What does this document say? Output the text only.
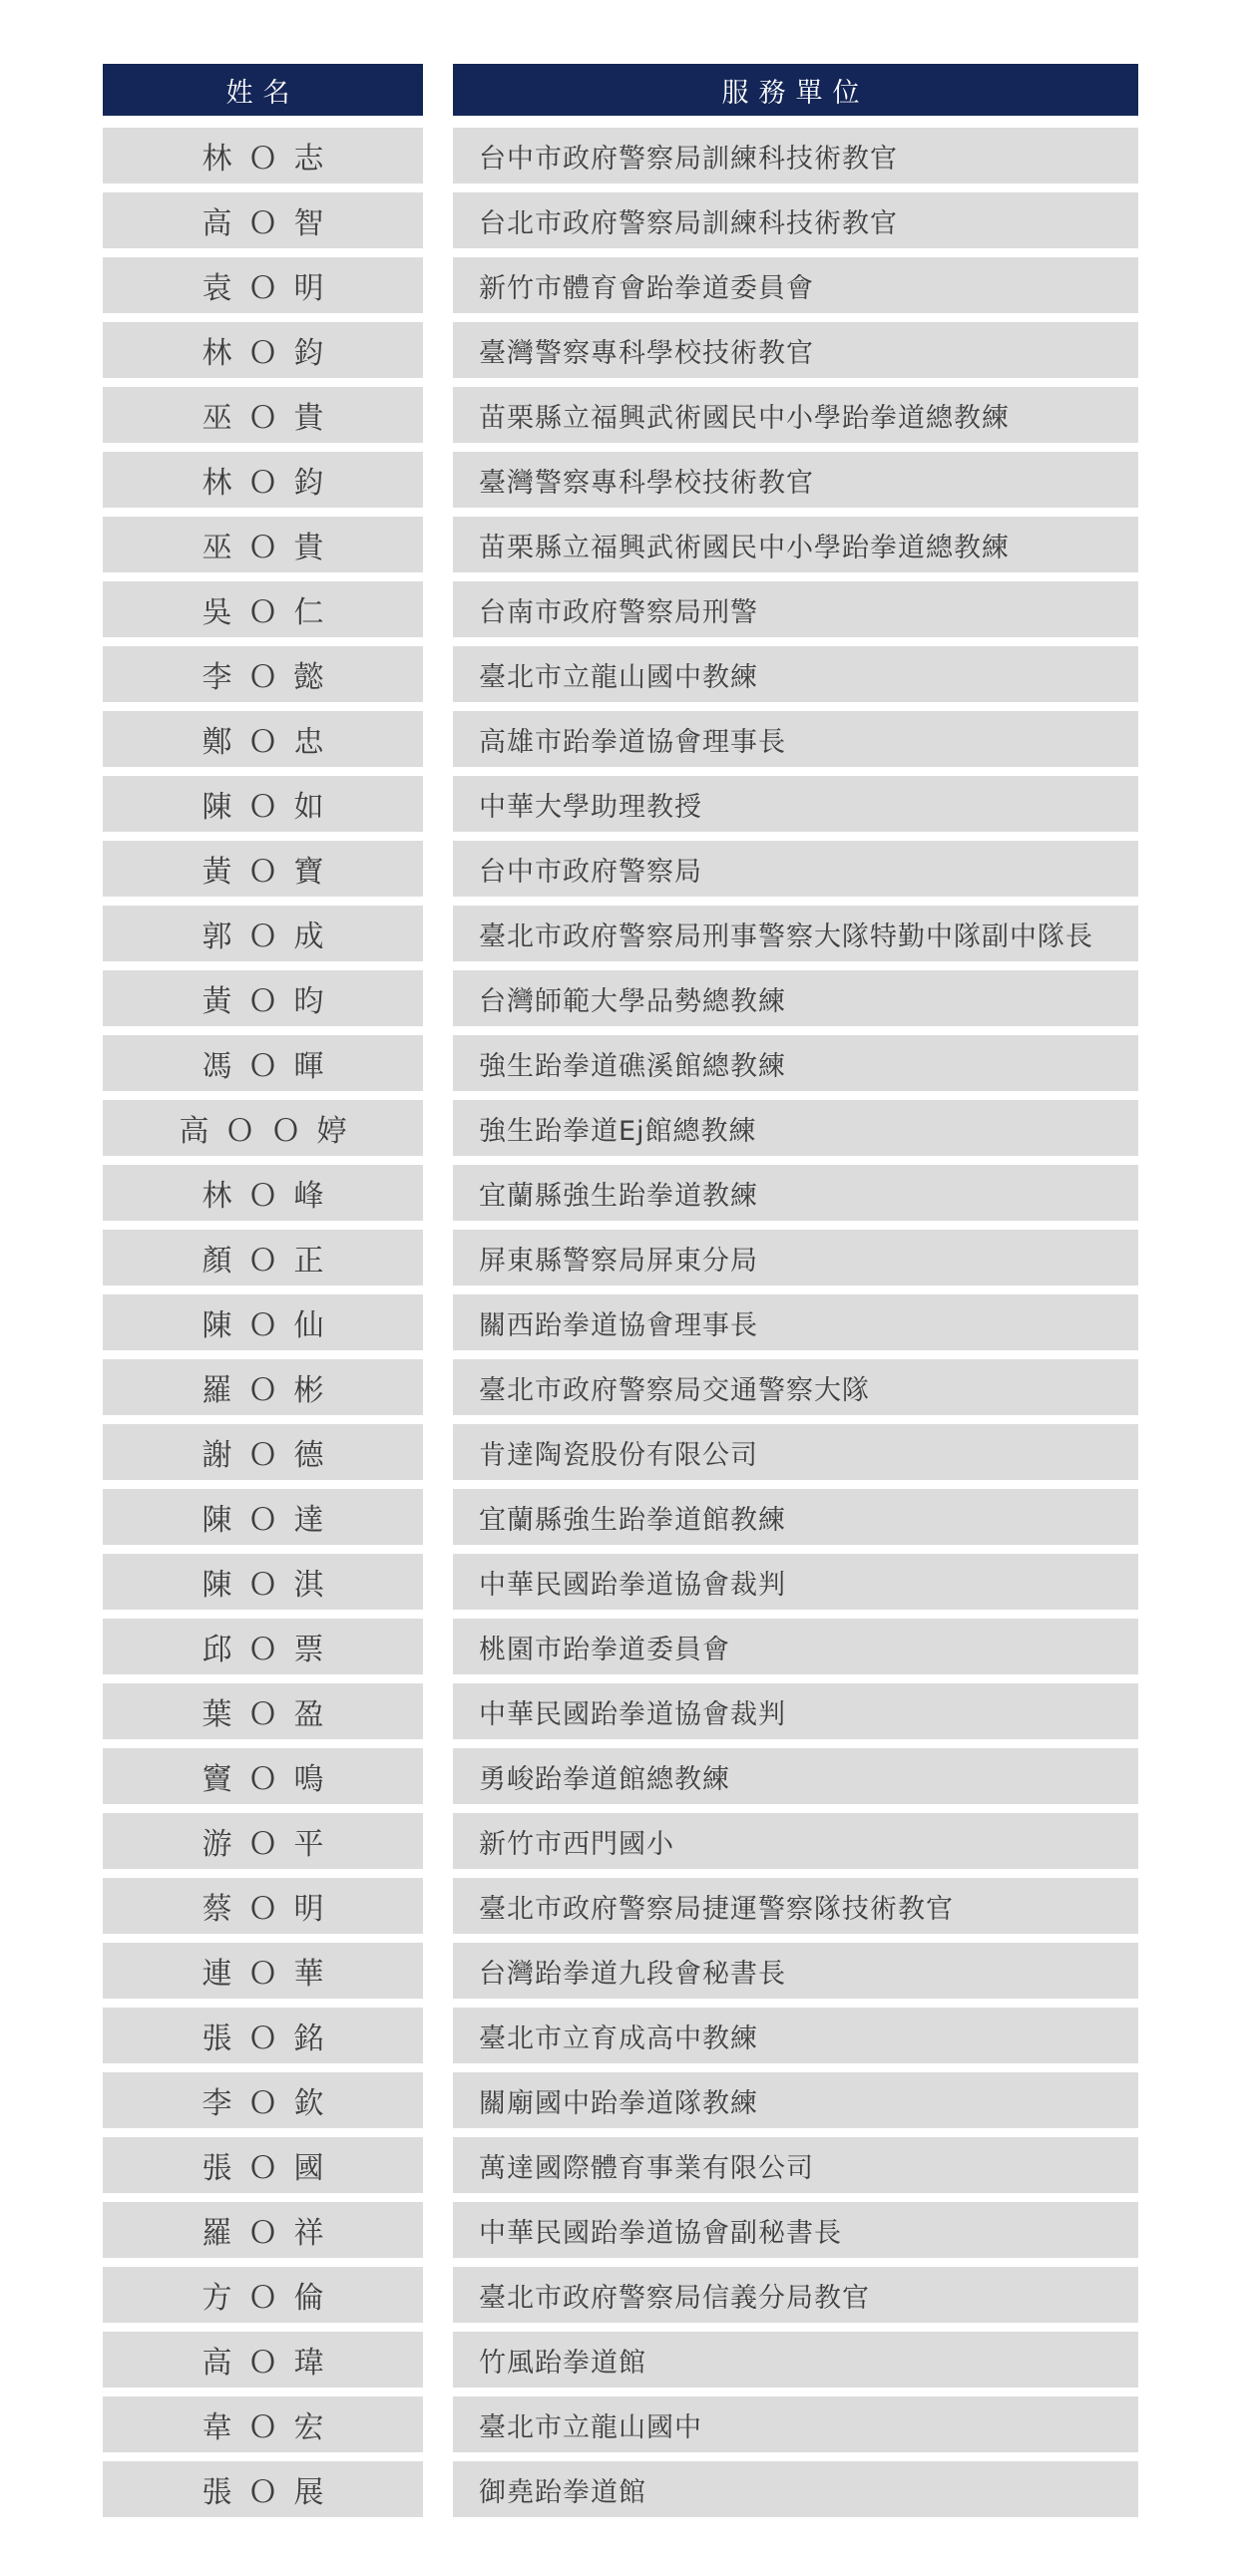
姓名	服務單位
林Ｏ志	台中市政府警察局訓練科技術教官
高Ｏ智	台北市政府警察局訓練科技術教官
袁Ｏ明	新竹市體育會跆拳道委員會
林Ｏ鈞	臺灣警察專科學校技術教官
巫Ｏ貴	苗栗縣立福興武術國民中小學跆拳道總教練
林Ｏ鈞	臺灣警察專科學校技術教官
巫Ｏ貴	苗栗縣立福興武術國民中小學跆拳道總教練
吳Ｏ仁	台南市政府警察局刑警
李Ｏ懿	臺北市立龍山國中教練
鄭Ｏ忠	高雄市跆拳道協會理事長
陳Ｏ如	中華大學助理教授
黃Ｏ寶	台中市政府警察局
郭Ｏ成	臺北市政府警察局刑事警察大隊特勤中隊副中隊長
黃Ｏ昀	台灣師範大學品勢總教練
馮Ｏ暉	強生跆拳道礁溪館總教練
高ＯＯ婷	強生跆拳道Ej館總教練
林Ｏ峰	宜蘭縣強生跆拳道教練
顏Ｏ正	屏東縣警察局屏東分局
陳Ｏ仙	關西跆拳道協會理事長
羅Ｏ彬	臺北市政府警察局交通警察大隊
謝Ｏ德	肯達陶瓷股份有限公司
陳Ｏ達	宜蘭縣強生跆拳道館教練
陳Ｏ淇	中華民國跆拳道協會裁判
邱Ｏ票	桃園市跆拳道委員會
葉Ｏ盈	中華民國跆拳道協會裁判
竇Ｏ鳴	勇峻跆拳道館總教練
游Ｏ平	新竹市西門國小
蔡Ｏ明	臺北市政府警察局捷運警察隊技術教官
連Ｏ華	台灣跆拳道九段會秘書長
張Ｏ銘	臺北市立育成高中教練
李Ｏ欽	關廟國中跆拳道隊教練
張Ｏ國	萬達國際體育事業有限公司
羅Ｏ祥	中華民國跆拳道協會副秘書長
方Ｏ倫	臺北市政府警察局信義分局教官
高Ｏ瑋	竹風跆拳道館
韋Ｏ宏	臺北市立龍山國中
張Ｏ展	御堯跆拳道館
